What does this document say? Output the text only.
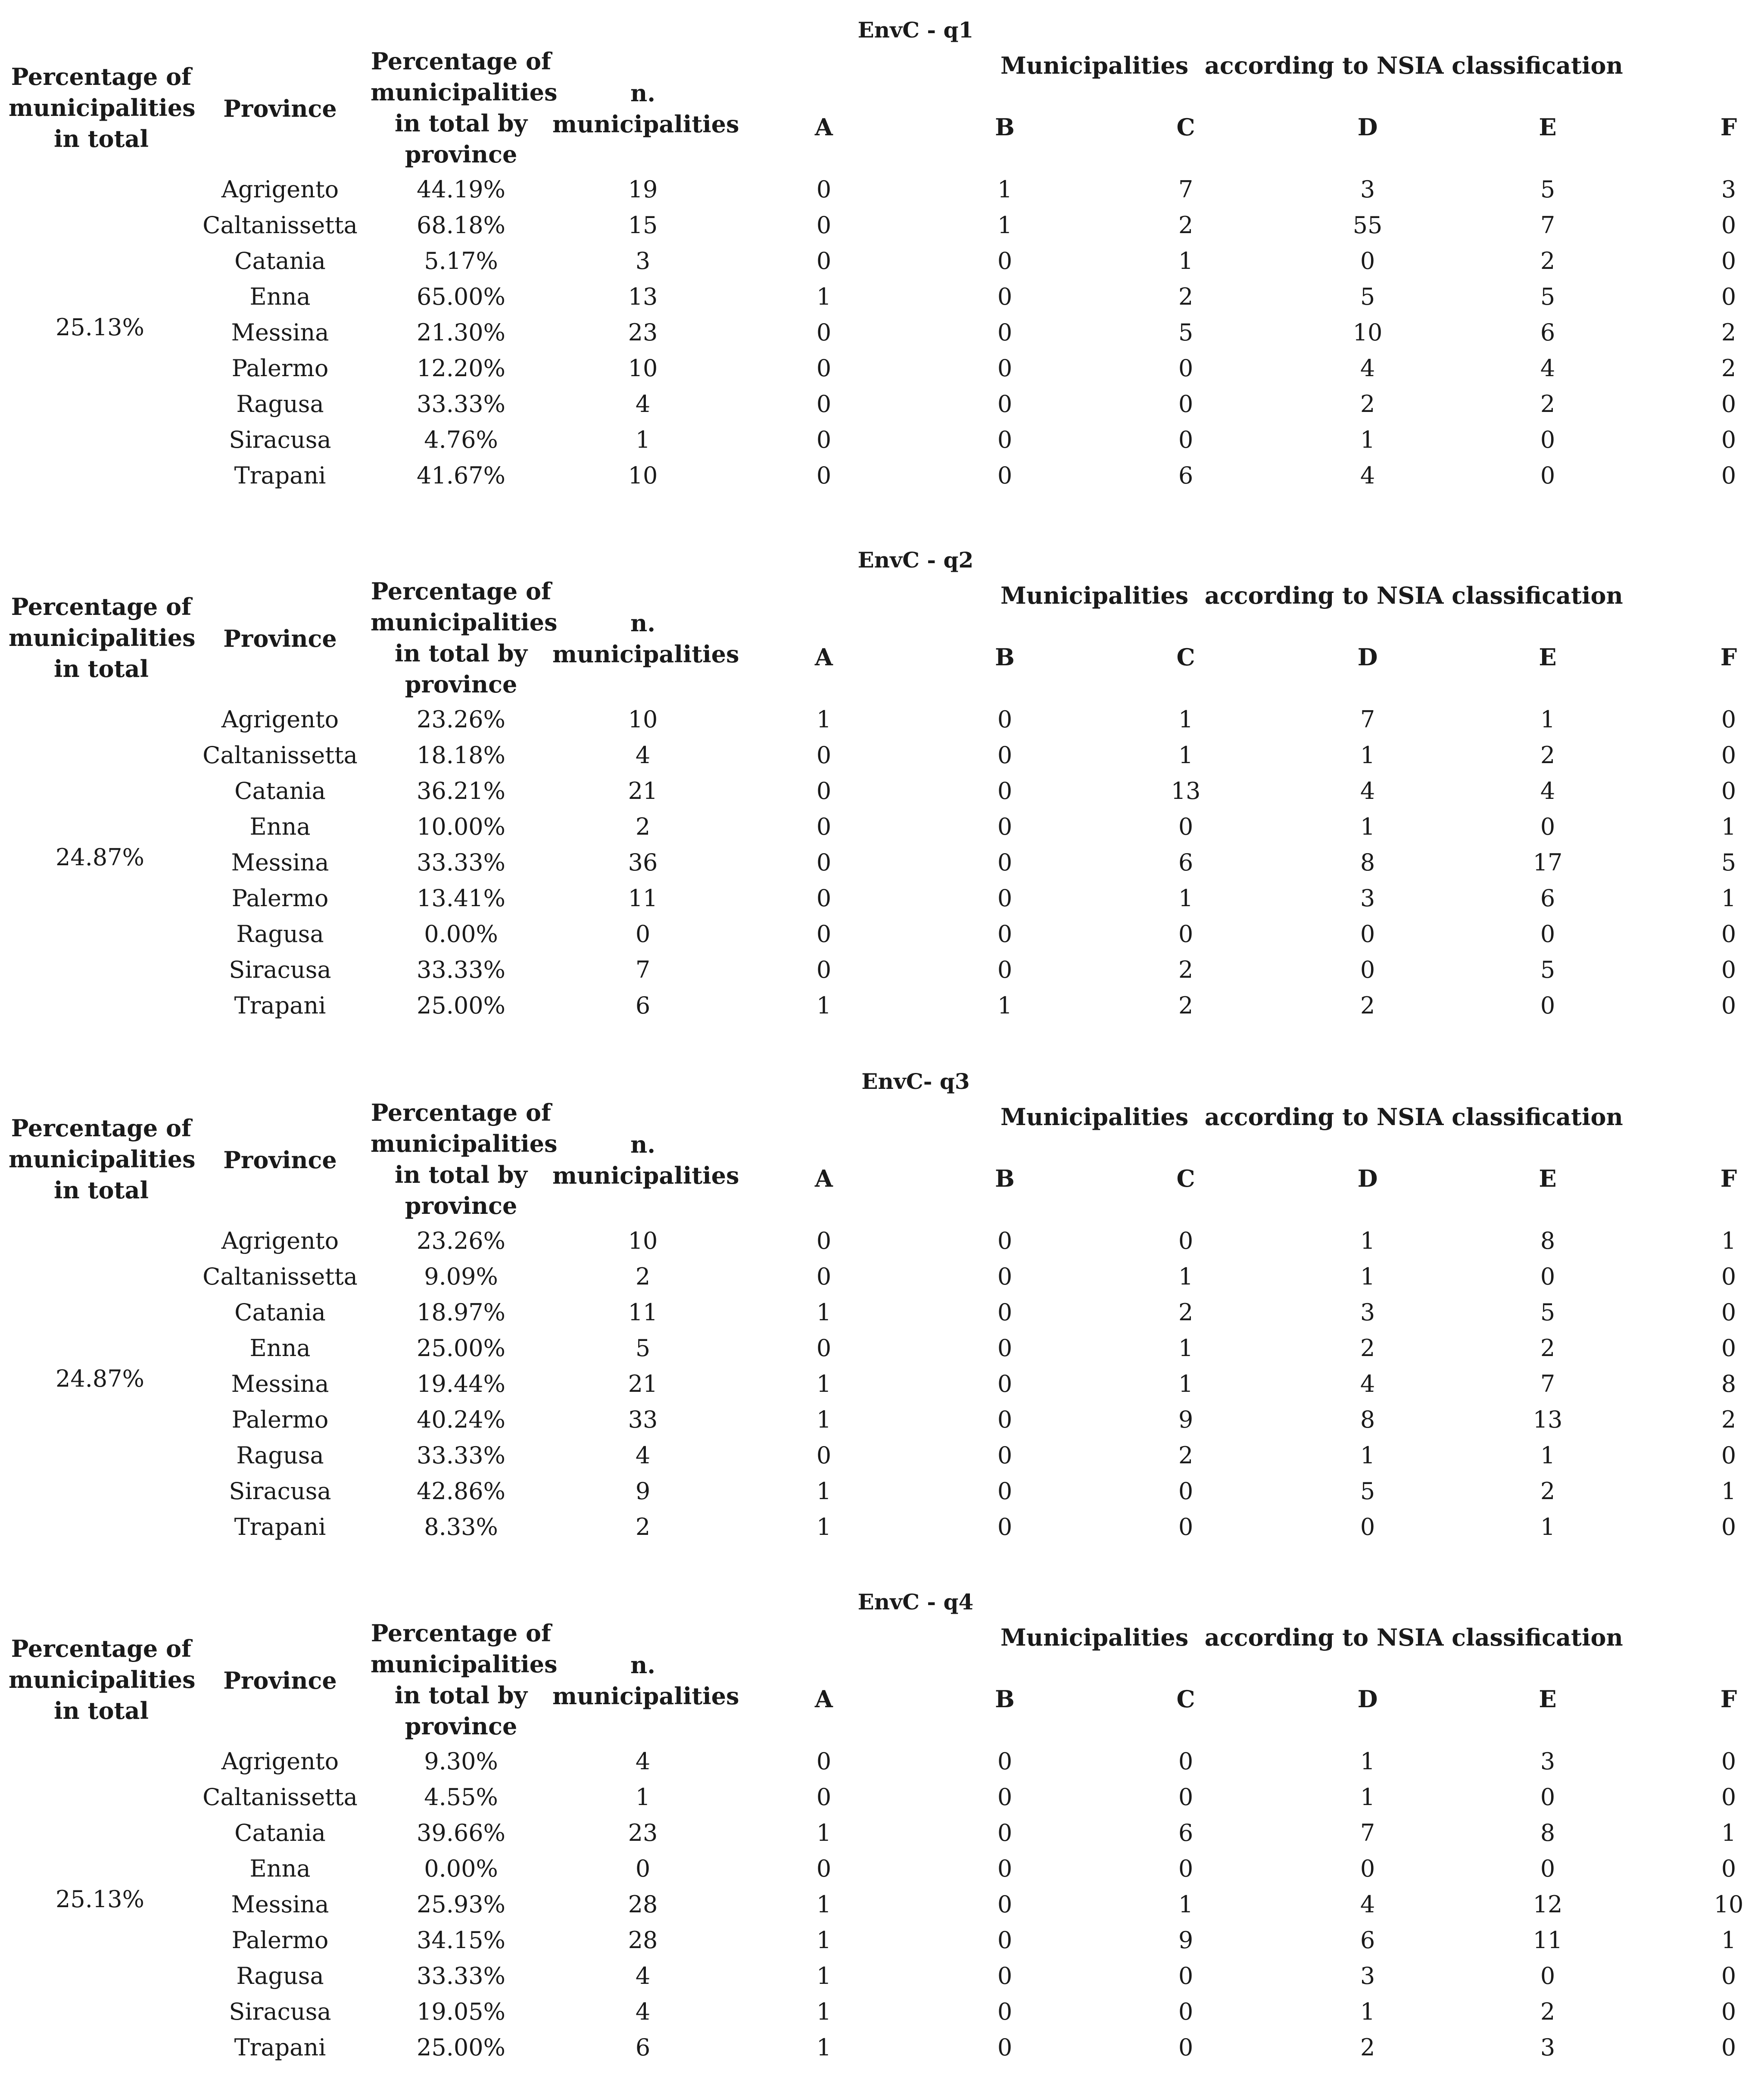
EnvC - q1
Percentage of municipalities in total
Province
Percentage of municipalities in total by province
n. municipalities
Municipalities  according to NSIA classification
A	B	C	D	E	F
25.13%
Agrigento	44.19%	19	0	1	7	3	5	3
Caltanissetta	68.18%	15	0	1	2	55	7	0
Catania	5.17%	3	0	0	1	0	2	0
Enna	65.00%	13	1	0	2	5	5	0
Messina	21.30%	23	0	0	5	10	6	2
Palermo	12.20%	10	0	0	0	4	4	2
Ragusa	33.33%	4	0	0	0	2	2	0
Siracusa	4.76%	1	0	0	0	1	0	0
Trapani	41.67%	10	0	0	6	4	0	0
EnvC - q2
Percentage of municipalities in total
Province
Percentage of municipalities in total by province
n. municipalities
Municipalities  according to NSIA classification
A	B	C	D	E	F
24.87%
Agrigento	23.26%	10	1	0	1	7	1	0
Caltanissetta	18.18%	4	0	0	1	1	2	0
Catania	36.21%	21	0	0	13	4	4	0
Enna	10.00%	2	0	0	0	1	0	1
Messina	33.33%	36	0	0	6	8	17	5
Palermo	13.41%	11	0	0	1	3	6	1
Ragusa	0.00%	0	0	0	0	0	0	0
Siracusa	33.33%	7	0	0	2	0	5	0
Trapani	25.00%	6	1	1	2	2	0	0
EnvC- q3
Percentage of municipalities in total
Province
Percentage of municipalities in total by province
n. municipalities
Municipalities  according to NSIA classification
A	B	C	D	E	F
24.87%
Agrigento	23.26%	10	0	0	0	1	8	1
Caltanissetta	9.09%	2	0	0	1	1	0	0
Catania	18.97%	11	1	0	2	3	5	0
Enna	25.00%	5	0	0	1	2	2	0
Messina	19.44%	21	1	0	1	4	7	8
Palermo	40.24%	33	1	0	9	8	13	2
Ragusa	33.33%	4	0	0	2	1	1	0
Siracusa	42.86%	9	1	0	0	5	2	1
Trapani	8.33%	2	1	0	0	0	1	0
EnvC - q4
Percentage of municipalities in total
Province
Percentage of municipalities in total by province
n. municipalities
Municipalities  according to NSIA classification
A	B	C	D	E	F
25.13%
Agrigento	9.30%	4	0	0	0	1	3	0
Caltanissetta	4.55%	1	0	0	0	1	0	0
Catania	39.66%	23	1	0	6	7	8	1
Enna	0.00%	0	0	0	0	0	0	0
Messina	25.93%	28	1	0	1	4	12	10
Palermo	34.15%	28	1	0	9	6	11	1
Ragusa	33.33%	4	1	0	0	3	0	0
Siracusa	19.05%	4	1	0	0	1	2	0
Trapani	25.00%	6	1	0	0	2	3	0
